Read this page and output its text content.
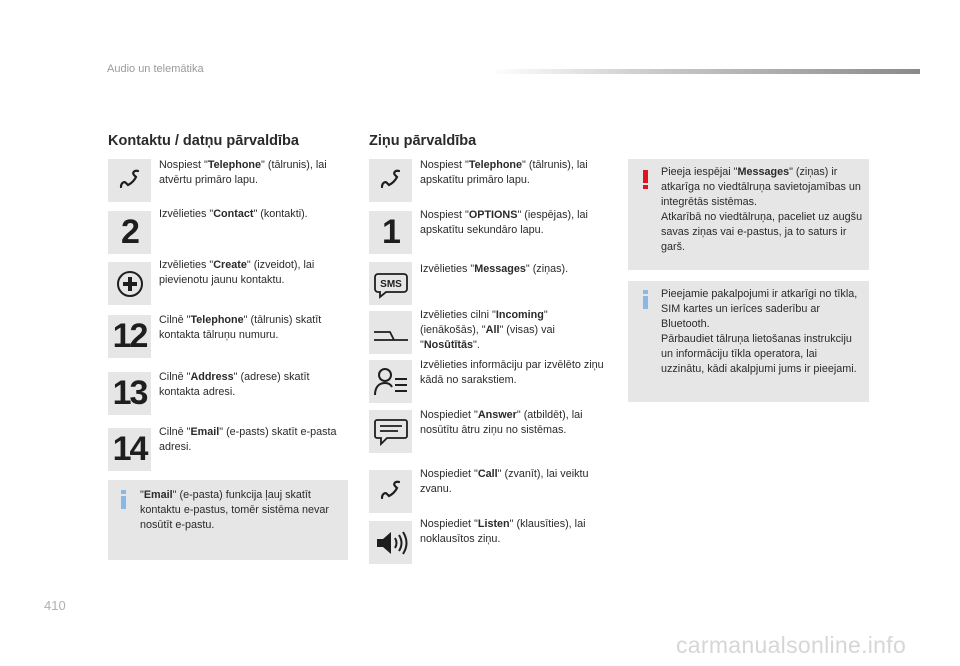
Audio un telemātika
Kontaktu / datņu pārvaldība
Nospiest "Telephone" (tālrunis), lai atvērtu primāro lapu.
2	Izvēlieties "Contact" (kontakti).
Izvēlieties "Create" (izveidot), lai pievienotu jaunu kontaktu.
12	Cilnē "Telephone" (tālrunis) skatīt kontakta tālruņu numuru.
13	Cilnē "Address" (adrese) skatīt kontakta adresi.
14	Cilnē "Email" (e-pasts) skatīt e-pasta adresi.
"Email" (e-pasta) funkcija ļauj skatīt kontaktu e-pastus, tomēr sistēma nevar nosūtīt e-pastu.
Ziņu pārvaldība
Nospiest "Telephone" (tālrunis), lai apskatītu primāro lapu.
1	Nospiest "OPTIONS" (iespējas), lai apskatītu sekundāro lapu.
SMS
Izvēlieties "Messages" (ziņas).
Izvēlieties cilni "Incoming" (ienākošās), "All" (visas) vai "Nosūtītās".
Izvēlieties informāciju par izvēlēto ziņu kādā no sarakstiem.
Nospiediet "Answer" (atbildēt), lai nosūtītu ātru ziņu no sistēmas.
Nospiediet "Call" (zvanīt), lai veiktu zvanu.
Nospiediet "Listen" (klausīties), lai noklausītos ziņu.
Pieeja iespējai "Messages" (ziņas) ir atkarīga no viedtālruņa savietojamības un integrētās sistēmas.
Atkarībā no viedtālruņa, paceliet uz augšu savas ziņas vai e-pastus, ja to saturs ir garš.
Pieejamie pakalpojumi ir atkarīgi no tīkla, SIM kartes un ierīces saderību ar Bluetooth.
Pārbaudiet tālruņa lietošanas instrukciju un informāciju tīkla operatora, lai uzzinātu, kādi akalpjumi jums ir pieejami.
410
carmanualsonline.info
